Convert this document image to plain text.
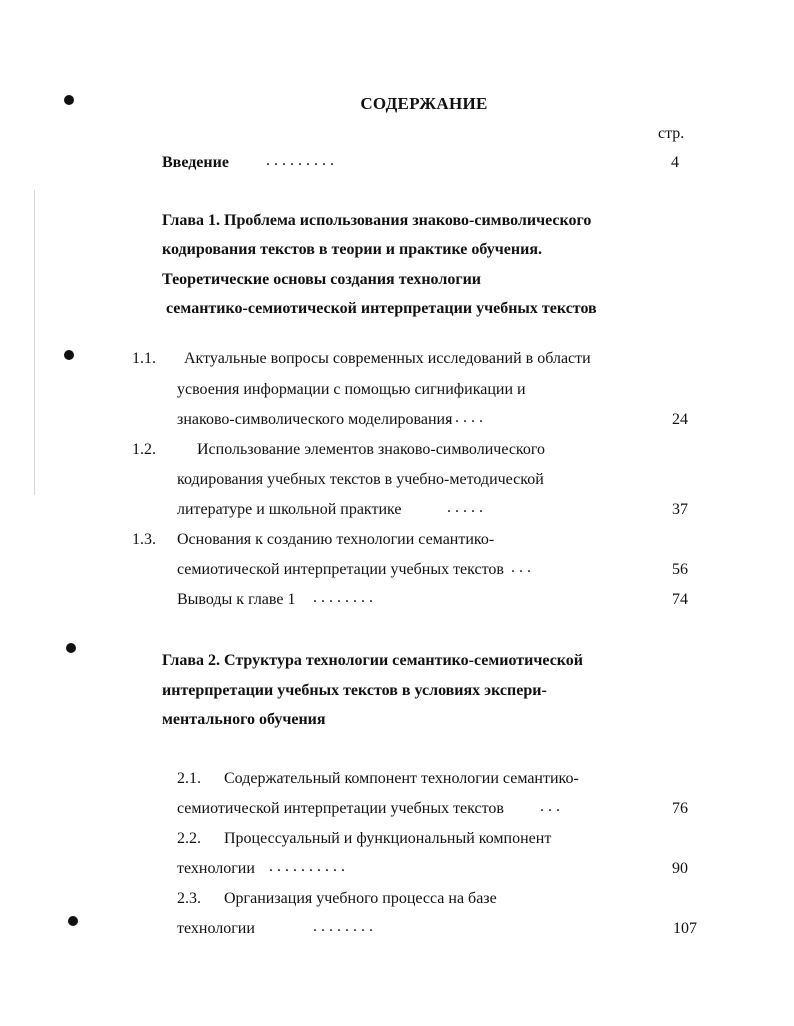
СОДЕРЖАНИЕ
стр.
Введение . . . . . . . . .	4
Глава 1. Проблема использования знаково-символического
кодирования текстов в теории и практике обучения.
Теоретические основы создания технологии
семантико-семиотической интерпретации учебных текстов
1.1. Актуальные вопросы современных исследований в области
усвоения информации с помощью сигнификации и
знаково-символического моделирования
. . . . .	24
1.2.	Использование элементов знаково-символического
кодирования учебных текстов в учебно-методической
литературе и школьной практике	. . . . .	37
1.3. Основания к созданию технологии семантико-
семиотической интерпретации учебных текстов . . .	56
Выводы к главе 1 . . . . . . . .	74
Глава 2. Структура технологии семантико-семиотической
интерпретации учебных текстов в условиях экспери-
ментального обучения
2.1. Содержательный компонент технологии семантико-
семиотической интерпретации учебных текстов . . .	76
2.2. Процессуальный и функциональный компонент
технологии . . . . . . . . . .	90
2.3. Организация учебного процесса на базе
технологии	. . . . . . . .	107
